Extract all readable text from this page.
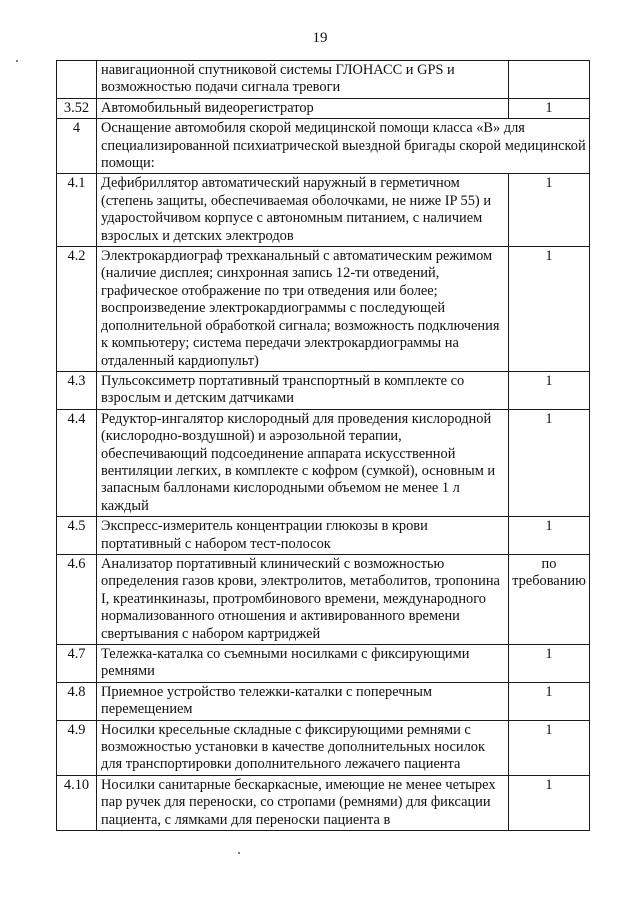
19
	навигационной спутниковой системы ГЛОНАСС и GPS и возможностью подачи сигнала тревоги	
3.52	Автомобильный видеорегистратор	1
4	Оснащение автомобиля скорой медицинской помощи класса «В» для специализированной психиатрической выездной бригады скорой медицинской помощи:	
4.1	Дефибриллятор автоматический наружный в герметичном (степень защиты, обеспечиваемая оболочками, не ниже IP 55) и ударостойчивом корпусе с автономным питанием, с наличием взрослых и детских электродов	1
4.2	Электрокардиограф трехканальный с автоматическим режимом (наличие дисплея; синхронная запись 12-ти отведений, графическое отображение по три отведения или более; воспроизведение электрокардиограммы с последующей дополнительной обработкой сигнала; возможность подключения к компьютеру; система передачи электрокардиограммы на отдаленный кардиопульт)	1
4.3	Пульсоксиметр портативный транспортный в комплекте со взрослым и детским датчиками	1
4.4	Редуктор-ингалятор кислородный для проведения кислородной (кислородно-воздушной) и аэрозольной терапии, обеспечивающий подсоединение аппарата искусственной вентиляции легких, в комплекте с кофром (сумкой), основным и запасным баллонами кислородными объемом не менее 1 л каждый	1
4.5	Экспресс-измеритель концентрации глюкозы в крови портативный с набором тест-полосок	1
4.6	Анализатор портативный клинический с возможностью определения газов крови, электролитов, метаболитов, тропонина I, креатинкиназы, протромбинового времени, международного нормализованного отношения и активированного времени свертывания с набором картриджей	по требованию
4.7	Тележка-каталка со съемными носилками с фиксирующими ремнями	1
4.8	Приемное устройство тележки-каталки с поперечным перемещением	1
4.9	Носилки кресельные складные с фиксирующими ремнями с возможностью установки в качестве дополнительных носилок для транспортировки дополнительного лежачего пациента	1
4.10	Носилки санитарные бескаркасные, имеющие не менее четырех пар ручек для переноски, со стропами (ремнями) для фиксации пациента, с лямками для переноски пациента в	1
